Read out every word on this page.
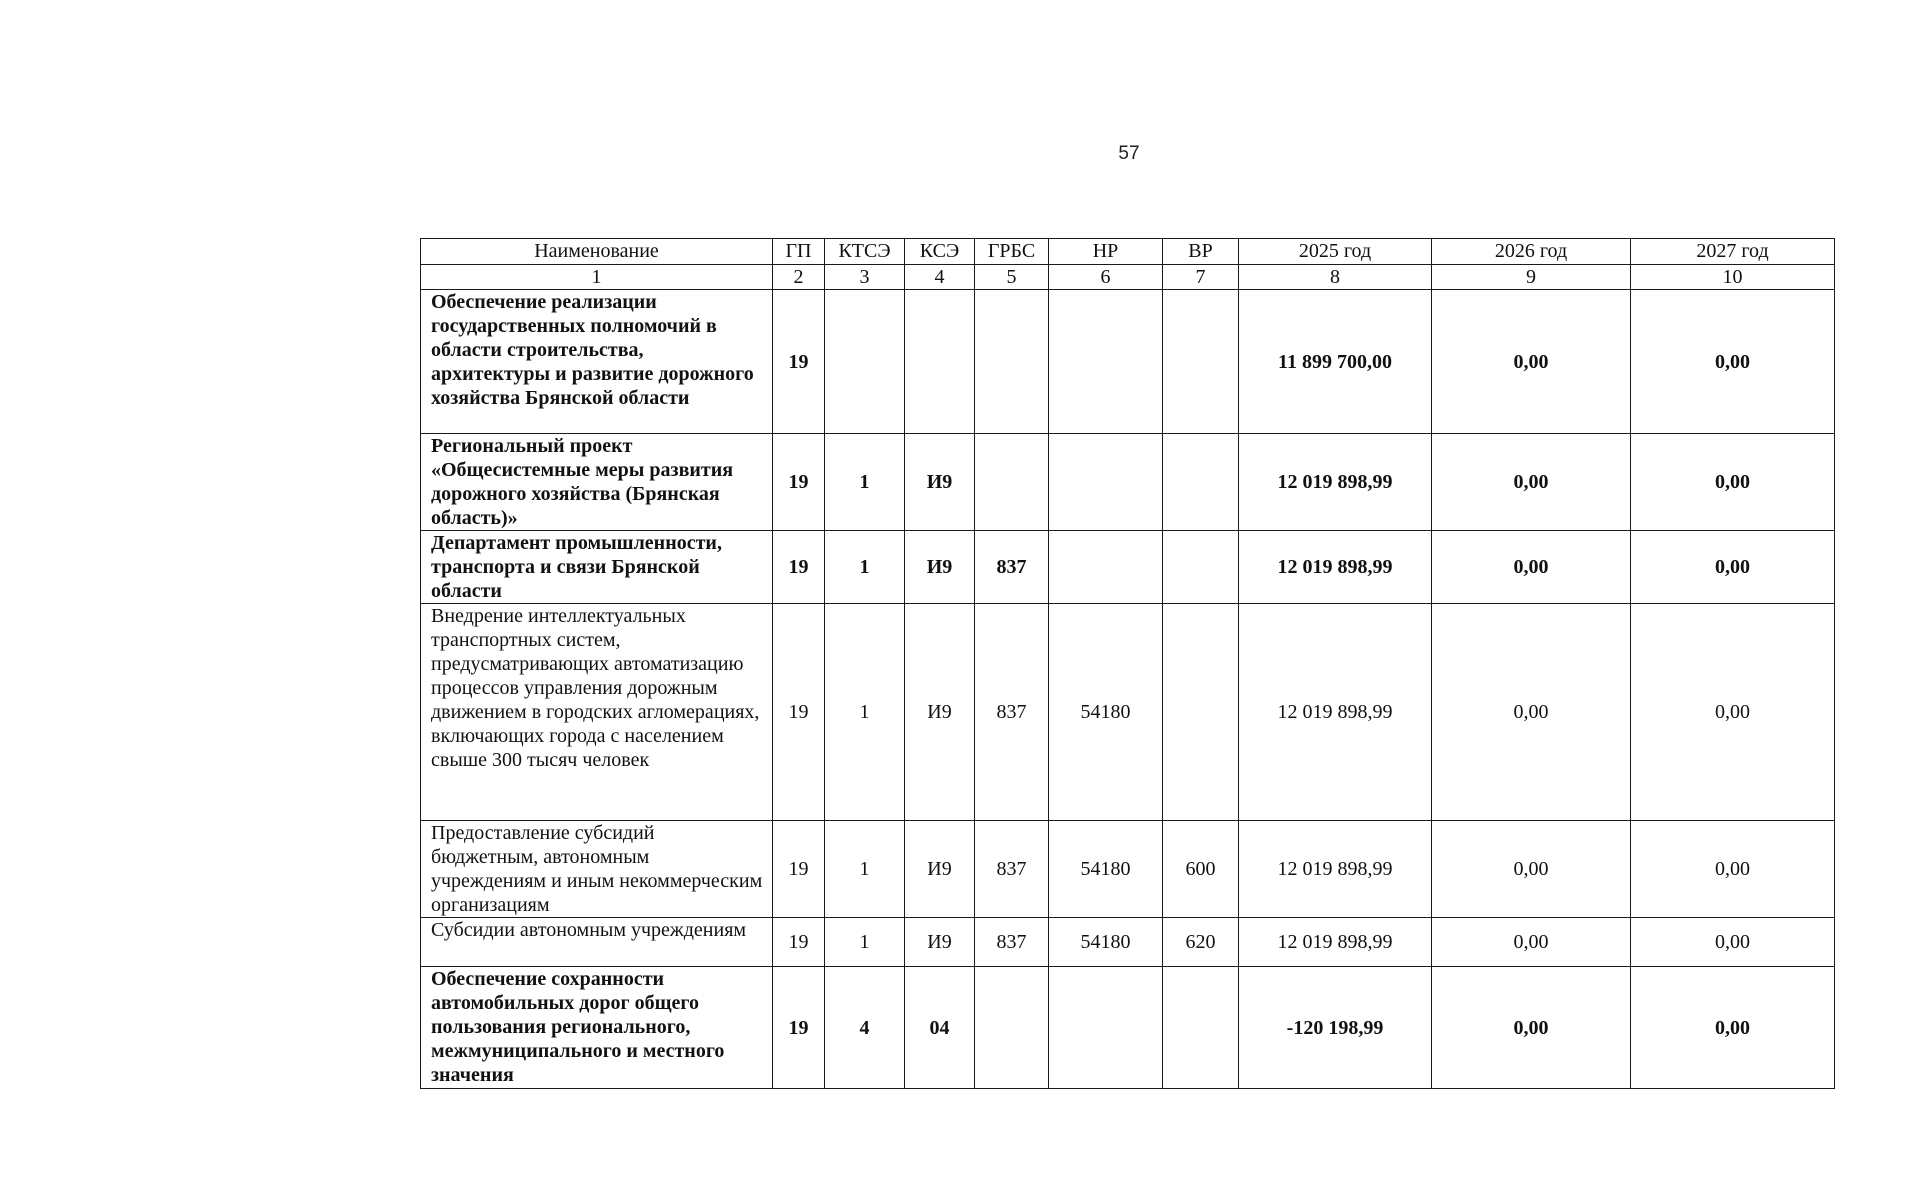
57
Наименование	ГП	КТСЭ	КСЭ	ГРБС	НР	ВР	2025 год	2026 год	2027 год
1	2	3	4	5	6	7	8	9	10
Обеспечение реализации государственных полномочий в области строительства, архитектуры и развитие дорожного хозяйства Брянской области	19						11 899 700,00	0,00	0,00
Региональный проект «Общесистемные меры развития дорожного хозяйства (Брянская область)»	19	1	И9				12 019 898,99	0,00	0,00
Департамент промышленности, транспорта и связи Брянской области	19	1	И9	837			12 019 898,99	0,00	0,00
Внедрение интеллектуальных транспортных систем, предусматривающих автоматизацию процессов управления дорожным движением в городских агломерациях, включающих города с населением свыше 300 тысяч человек	19	1	И9	837	54180		12 019 898,99	0,00	0,00
Предоставление субсидий бюджетным, автономным учреждениям и иным некоммерческим организациям	19	1	И9	837	54180	600	12 019 898,99	0,00	0,00
Субсидии автономным учреждениям	19	1	И9	837	54180	620	12 019 898,99	0,00	0,00
Обеспечение сохранности автомобильных дорог общего пользования регионального, межмуниципального и местного значения	19	4	04				-120 198,99	0,00	0,00
